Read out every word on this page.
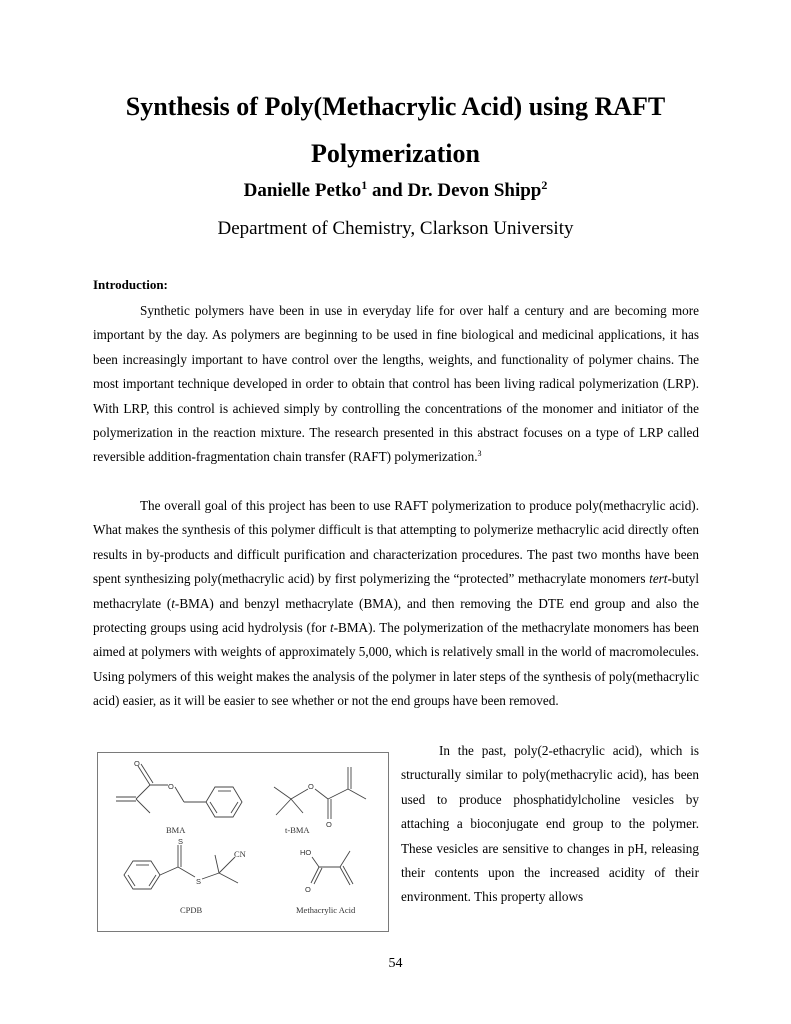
Synthesis of Poly(Methacrylic Acid) using RAFT
Polymerization
Danielle Petko$^1$ and Dr. Devon Shipp$^2$
Department of Chemistry, Clarkson University
Introduction:

Synthetic polymers have been in use in everyday life for over half a century and are becoming more important by the day. As polymers are beginning to be used in fine biological and medicinal applications, it has been increasingly important to have control over the lengths, weights, and functionality of polymer chains. The most important technique developed in order to obtain that control has been living radical polymerization (LRP). With LRP, this control is achieved simply by controlling the concentrations of the monomer and initiator of the polymerization in the reaction mixture. The research presented in this abstract focuses on a type of LRP called reversible addition-fragmentation chain transfer (RAFT) polymerization.$^3$

The overall goal of this project has been to use RAFT polymerization to produce poly(methacrylic acid). What makes the synthesis of this polymer difficult is that attempting to polymerize methacrylic acid directly often results in by-products and difficult purification and characterization procedures. The past two months have been spent synthesizing poly(methacrylic acid) by first polymerizing the “protected” methacrylate monomers tert-butyl methacrylate (t-BMA) and benzyl methacrylate (BMA), and then removing the DTE end group and also the protecting groups using acid hydrolysis (for t-BMA). The polymerization of the methacrylate monomers has been aimed at polymers with weights of approximately 5,000, which is relatively small in the world of macromolecules. Using polymers of this weight makes the analysis of the polymer in later steps of the synthesis of poly(methacrylic acid) easier, as it will be easier to see whether or not the end groups have been removed.

O
O
BMA
O
O
t-BMA
S
S
CN
CPDB
HO
O
Methacrylic Acid

In the past, poly(2-ethacrylic acid), which is structurally similar to poly(methacrylic acid), has been used to produce phosphatidylcholine vesicles by attaching a bioconjugate end group to the polymer. These vesicles are sensitive to changes in pH, releasing their contents upon the increased acidity of their environment. This property allows

54
